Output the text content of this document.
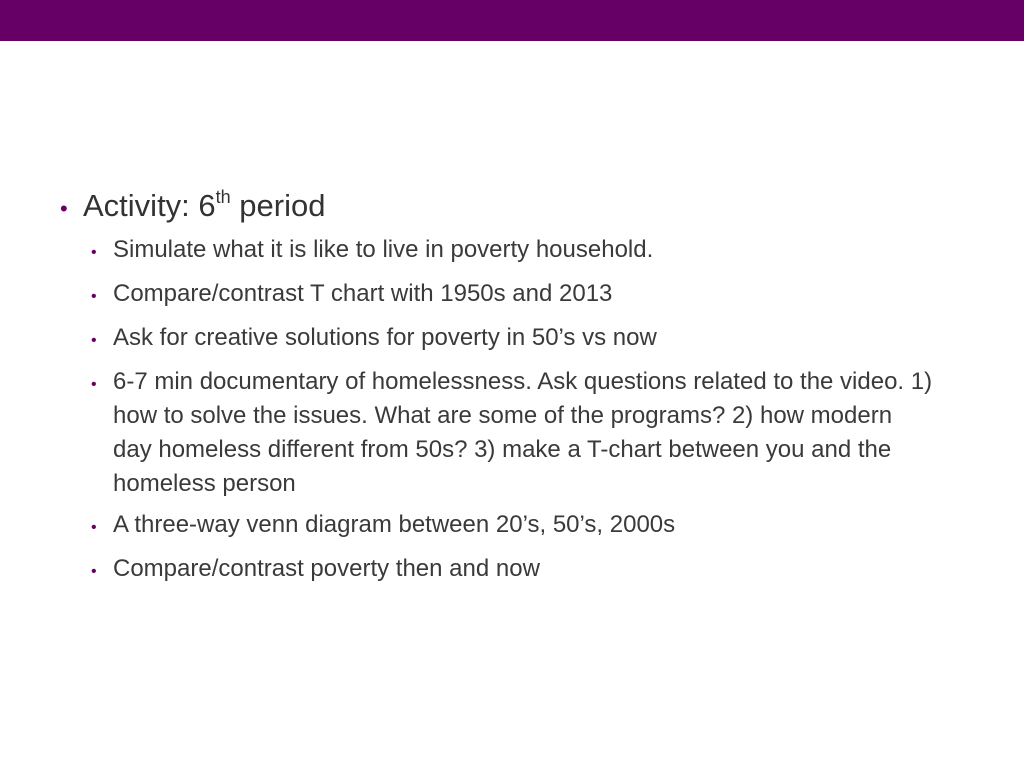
• Activity: 6th period
• Simulate what it is like to live in poverty household.
• Compare/contrast T chart with 1950s and 2013
• Ask for creative solutions for poverty in 50’s vs now
• 6-7 min documentary of homelessness. Ask questions related to the video. 1) how to solve the issues. What are some of the programs? 2) how modern day homeless different from 50s? 3) make a T-chart between you and the homeless person
• A three-way venn diagram between 20’s, 50’s, 2000s
• Compare/contrast poverty then and now
